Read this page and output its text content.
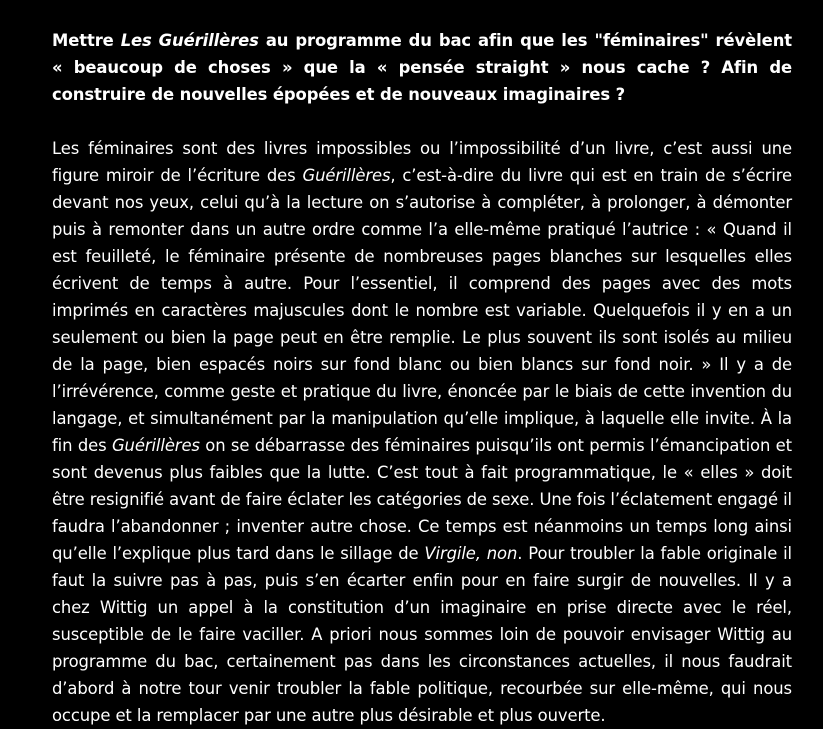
Mettre Les Guérillères au programme du bac afin que les "féminaires" révèlent « beaucoup de choses » que la « pensée straight » nous cache ? Afin de construire de nouvelles épopées et de nouveaux imaginaires ?

Les féminaires sont des livres impossibles ou l’impossibilité d’un livre, c’est aussi une figure miroir de l’écriture des Guérillères, c’est-à-dire du livre qui est en train de s’écrire devant nos yeux, celui qu’à la lecture on s’autorise à compléter, à prolonger, à démonter puis à remonter dans un autre ordre comme l’a elle-même pratiqué l’autrice : « Quand il est feuilleté, le féminaire présente de nombreuses pages blanches sur lesquelles elles écrivent de temps à autre. Pour l’essentiel, il comprend des pages avec des mots imprimés en caractères majuscules dont le nombre est variable. Quelquefois il y en a un seulement ou bien la page peut en être remplie. Le plus souvent ils sont isolés au milieu de la page, bien espacés noirs sur fond blanc ou bien blancs sur fond noir. » Il y a de l’irrévérence, comme geste et pratique du livre, énoncée par le biais de cette invention du langage, et simultanément par la manipulation qu’elle implique, à laquelle elle invite. À la fin des Guérillères on se débarrasse des féminaires puisqu’ils ont permis l’émancipation et sont devenus plus faibles que la lutte. C’est tout à fait programmatique, le « elles » doit être resignifié avant de faire éclater les catégories de sexe. Une fois l’éclatement engagé il faudra l’abandonner ; inventer autre chose. Ce temps est néanmoins un temps long ainsi qu’elle l’explique plus tard dans le sillage de Virgile, non. Pour troubler la fable originale il faut la suivre pas à pas, puis s’en écarter enfin pour en faire surgir de nouvelles. Il y a chez Wittig un appel à la constitution d’un imaginaire en prise directe avec le réel, susceptible de le faire vaciller. A priori nous sommes loin de pouvoir envisager Wittig au programme du bac, certainement pas dans les circonstances actuelles, il nous faudrait d’abord à notre tour venir troubler la fable politique, recourbée sur elle-même, qui nous occupe et la remplacer par une autre plus désirable et plus ouverte.
